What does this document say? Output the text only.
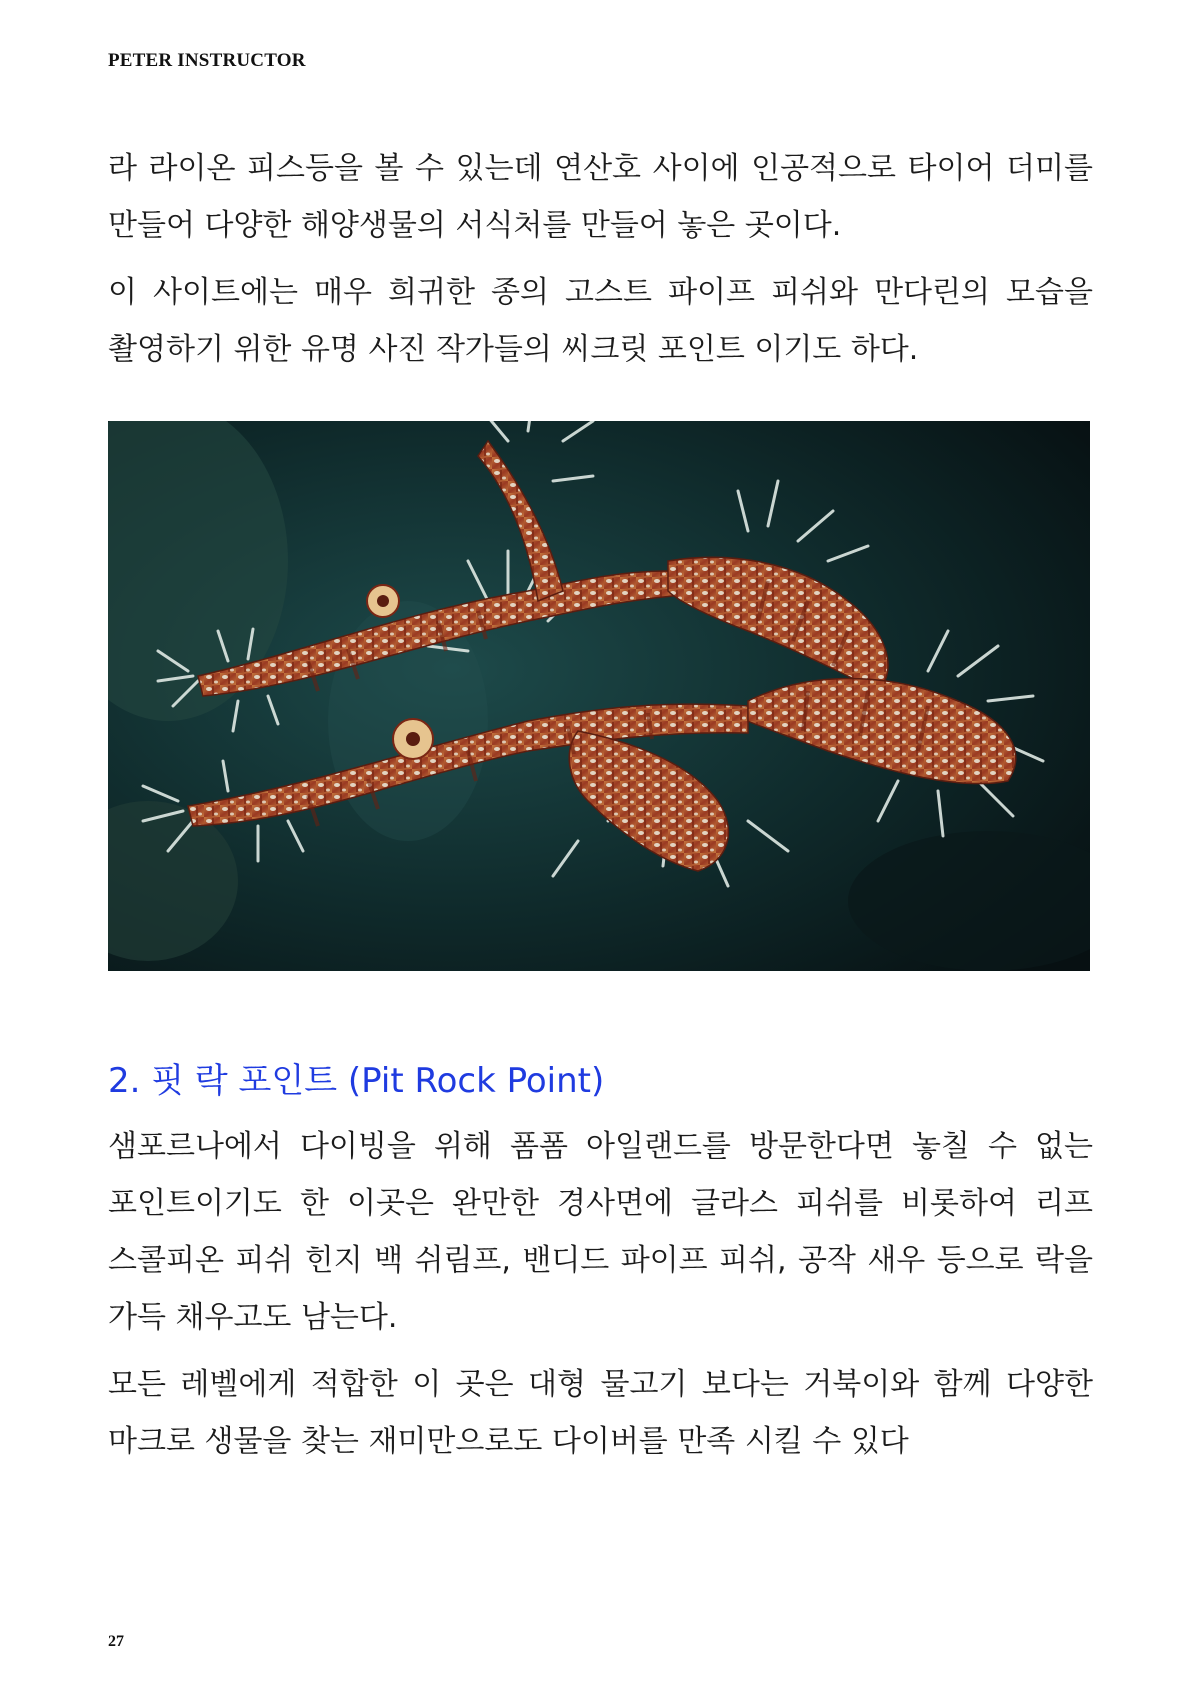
PETER INSTRUCTOR

라 라이온 피스등을 볼 수 있는데 연산호 사이에 인공적으로 타이어 더미를 만들어 다양한 해양생물의 서식처를 만들어 놓은 곳이다.

이 사이트에는 매우 희귀한 종의 고스트 파이프 피쉬와 만다린의 모습을 촬영하기 위한 유명 사진 작가들의 씨크릿 포인트 이기도 하다.

2. 핏 락 포인트 (Pit Rock Point)

샘포르나에서 다이빙을 위해 폼폼 아일랜드를 방문한다면 놓칠 수 없는 포인트이기도 한 이곳은 완만한 경사면에 글라스 피쉬를 비롯하여 리프 스콜피온 피쉬 힌지 백 쉬림프, 밴디드 파이프 피쉬, 공작 새우 등으로 락을 가득 채우고도 남는다.

모든 레벨에게 적합한 이 곳은 대형 물고기 보다는 거북이와 함께 다양한 마크로 생물을 찾는 재미만으로도 다이버를 만족 시킬 수 있다

27
